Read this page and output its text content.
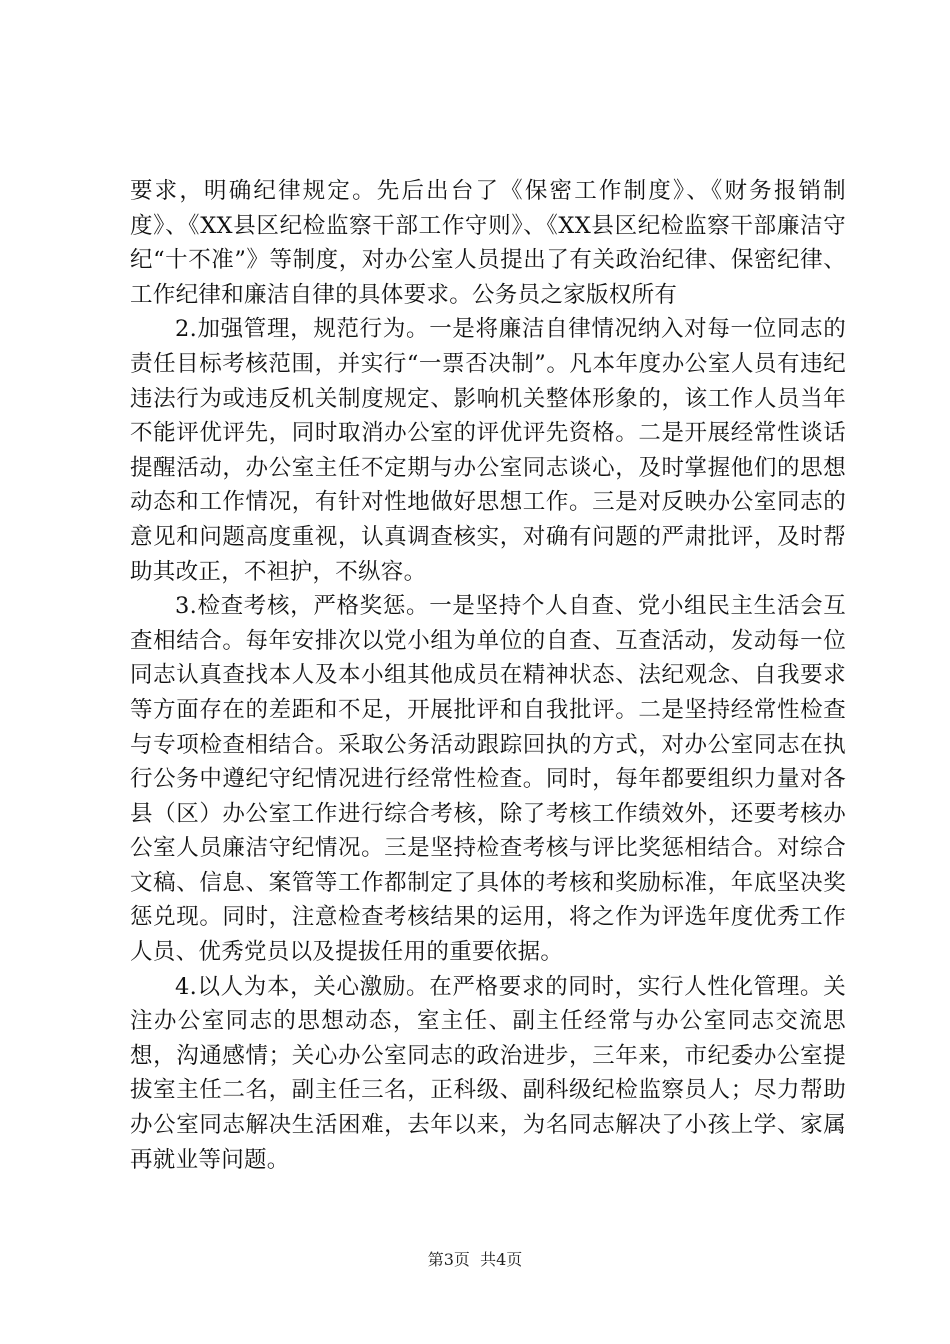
要求，明确纪律规定。先后出台了《保密工作制度》、《财务报销制度》、《XX县区纪检监察干部工作守则》、《XX县区纪检监察干部廉洁守纪“十不准”》等制度，对办公室人员提出了有关政治纪律、保密纪律、工作纪律和廉洁自律的具体要求。公务员之家版权所有

2.加强管理，规范行为。一是将廉洁自律情况纳入对每一位同志的责任目标考核范围，并实行“一票否决制”。凡本年度办公室人员有违纪违法行为或违反机关制度规定、影响机关整体形象的，该工作人员当年不能评优评先，同时取消办公室的评优评先资格。二是开展经常性谈话提醒活动，办公室主任不定期与办公室同志谈心，及时掌握他们的思想动态和工作情况，有针对性地做好思想工作。三是对反映办公室同志的意见和问题高度重视，认真调查核实，对确有问题的严肃批评，及时帮助其改正，不袒护，不纵容。

3.检查考核，严格奖惩。一是坚持个人自查、党小组民主生活会互查相结合。每年安排次以党小组为单位的自查、互查活动，发动每一位同志认真查找本人及本小组其他成员在精神状态、法纪观念、自我要求等方面存在的差距和不足，开展批评和自我批评。二是坚持经常性检查与专项检查相结合。采取公务活动跟踪回执的方式，对办公室同志在执行公务中遵纪守纪情况进行经常性检查。同时，每年都要组织力量对各县（区）办公室工作进行综合考核，除了考核工作绩效外，还要考核办公室人员廉洁守纪情况。三是坚持检查考核与评比奖惩相结合。对综合文稿、信息、案管等工作都制定了具体的考核和奖励标准，年底坚决奖惩兑现。同时，注意检查考核结果的运用，将之作为评选年度优秀工作人员、优秀党员以及提拔任用的重要依据。

4.以人为本，关心激励。在严格要求的同时，实行人性化管理。关注办公室同志的思想动态，室主任、副主任经常与办公室同志交流思想，沟通感情；关心办公室同志的政治进步，三年来，市纪委办公室提拔室主任二名，副主任三名，正科级、副科级纪检监察员人；尽力帮助办公室同志解决生活困难，去年以来，为名同志解决了小孩上学、家属再就业等问题。

第3页 共4页
